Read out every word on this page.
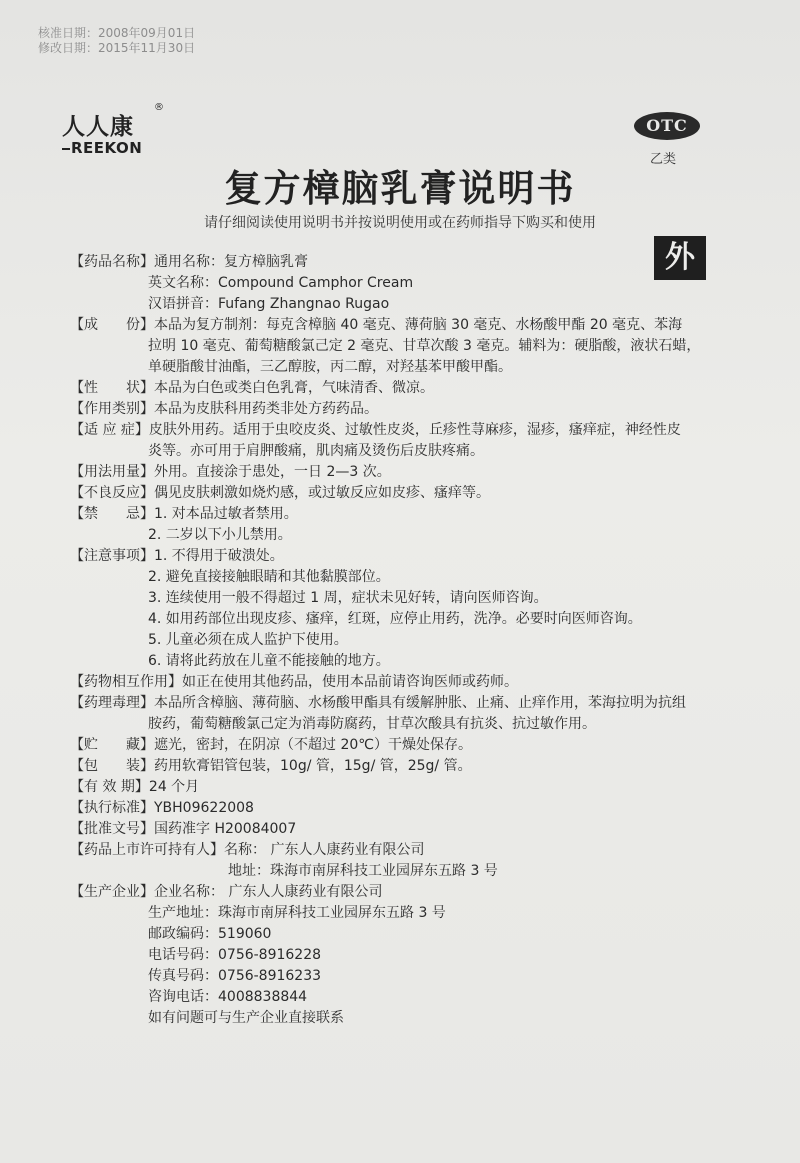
核准日期：2008年09月01日
修改日期：2015年11月30日
人人康
®
REEKON
OTC
乙类
复方樟脑乳膏说明书
请仔细阅读使用说明书并按说明使用或在药师指导下购买和使用
外
【药品名称】 通用名称：复方樟脑乳膏
英文名称：Compound Camphor Cream
汉语拼音：Fufang Zhangnao Rugao
【成　　份】 本品为复方制剂：每克含樟脑 40 毫克、薄荷脑 30 毫克、水杨酸甲酯 20 毫克、苯海
拉明 10 毫克、葡萄糖酸氯己定 2 毫克、甘草次酸 3 毫克。辅料为：硬脂酸，液状石蜡，
单硬脂酸甘油酯，三乙醇胺，丙二醇，对羟基苯甲酸甲酯。
【性　　状】 本品为白色或类白色乳膏，气味清香、微凉。
【作用类别】 本品为皮肤科用药类非处方药药品。
【适 应 症】 皮肤外用药。适用于虫咬皮炎、过敏性皮炎，丘疹性荨麻疹，湿疹，瘙痒症，神经性皮
炎等。亦可用于肩胛酸痛，肌肉痛及烫伤后皮肤疼痛。
【用法用量】 外用。直接涂于患处，一日 2—3 次。
【不良反应】 偶见皮肤刺激如烧灼感，或过敏反应如皮疹、瘙痒等。
【禁　　忌】 1. 对本品过敏者禁用。
2. 二岁以下小儿禁用。
【注意事项】 1. 不得用于破溃处。
2. 避免直接接触眼睛和其他黏膜部位。
3. 连续使用一般不得超过 1 周，症状未见好转，请向医师咨询。
4. 如用药部位出现皮疹、瘙痒，红斑，应停止用药，洗净。必要时向医师咨询。
5. 儿童必须在成人监护下使用。
6. 请将此药放在儿童不能接触的地方。
【药物相互作用】 如正在使用其他药品，使用本品前请咨询医师或药师。
【药理毒理】 本品所含樟脑、薄荷脑、水杨酸甲酯具有缓解肿胀、止痛、止痒作用，苯海拉明为抗组
胺药，葡萄糖酸氯己定为消毒防腐药，甘草次酸具有抗炎、抗过敏作用。
【贮　　藏】 遮光，密封，在阴凉（不超过 20℃）干燥处保存。
【包　　装】 药用软膏铝管包装，10g/ 管，15g/ 管，25g/ 管。
【有 效 期】 24 个月
【执行标准】 YBH09622008
【批准文号】 国药准字 H20084007
【药品上市许可持有人】 名称： 广东人人康药业有限公司
地址：珠海市南屏科技工业园屏东五路 3 号
【生产企业】 企业名称： 广东人人康药业有限公司
生产地址：珠海市南屏科技工业园屏东五路 3 号
邮政编码：519060
电话号码：0756-8916228
传真号码：0756-8916233
咨询电话：4008838844
如有问题可与生产企业直接联系
